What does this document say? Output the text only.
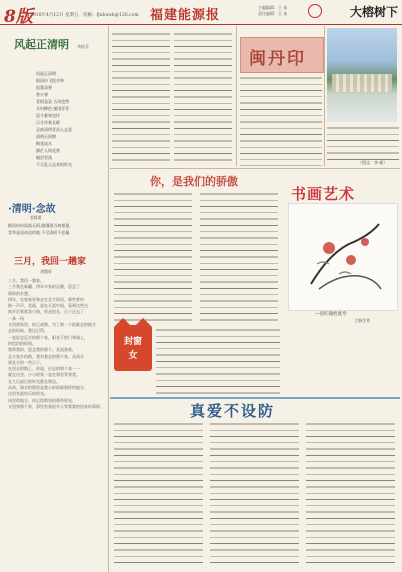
8版
2018年4月12日 星期五　 投稿：fjnbwxh@126.com 福建能源报
主编编辑：王 朱
责任编辑：王 朱	大榕树下
风起正清明 李桂芬
风起正清明
细雨纷飞悦芳坤
祖墓添香
香火寒
青烟袅袅 古风悠然
水村柳色 细雨菲菲
思寸难寄追怀
日月伴着长眠
灵前清明青苗人去意
清明天同期
梅花流水
渺茫人间花香
眼泪零落
不尽乱云去来的时光
·清明·念故
君辞道
细雨纷纷雨落无情,路漫漫当初相逢,
青草是雨冰凉的地,不尽清明不思量,
三月，我回一趟家
刘霞好
三月，我回一趟家。
三月我在新疆，四年多家的总微，思念了
那时的乡愁。
四年，在家家里奔走在北方的风，那些曾经
路一声声，美丽，是在天涯中间，看到这些这
故乡沿着那条小路，你走很长，日子过去了
一条一场
又回到家里，你已成熟，为了那一个很难走的地方
去的时候，我还记得。
一直思念远方的那个家，阳光下的门和墙上，
的信约的时间。
我带我的，思念我的那个，长流淌着，
北方家乡的路，我对着走的那个家，从南方
到北方的一些日子。
在回去的路上，你说，出去的那个家一一
就在这里，小小的家一直在那里等着我，
长大后最后的时光都在那边。
从前，海水的那里是我小时候都那样的地方，
这里有最快乐的时光。
风里的地方，你记得那里的那些时光，
又回到那个家，那里有着很多人等着我的回来的事情。
闽丹印
（图文：李 彬）
你，是我们的骄傲
封窗女
书画艺术
—国红翰姓诞寿
吕秋生作
真爱不设防
